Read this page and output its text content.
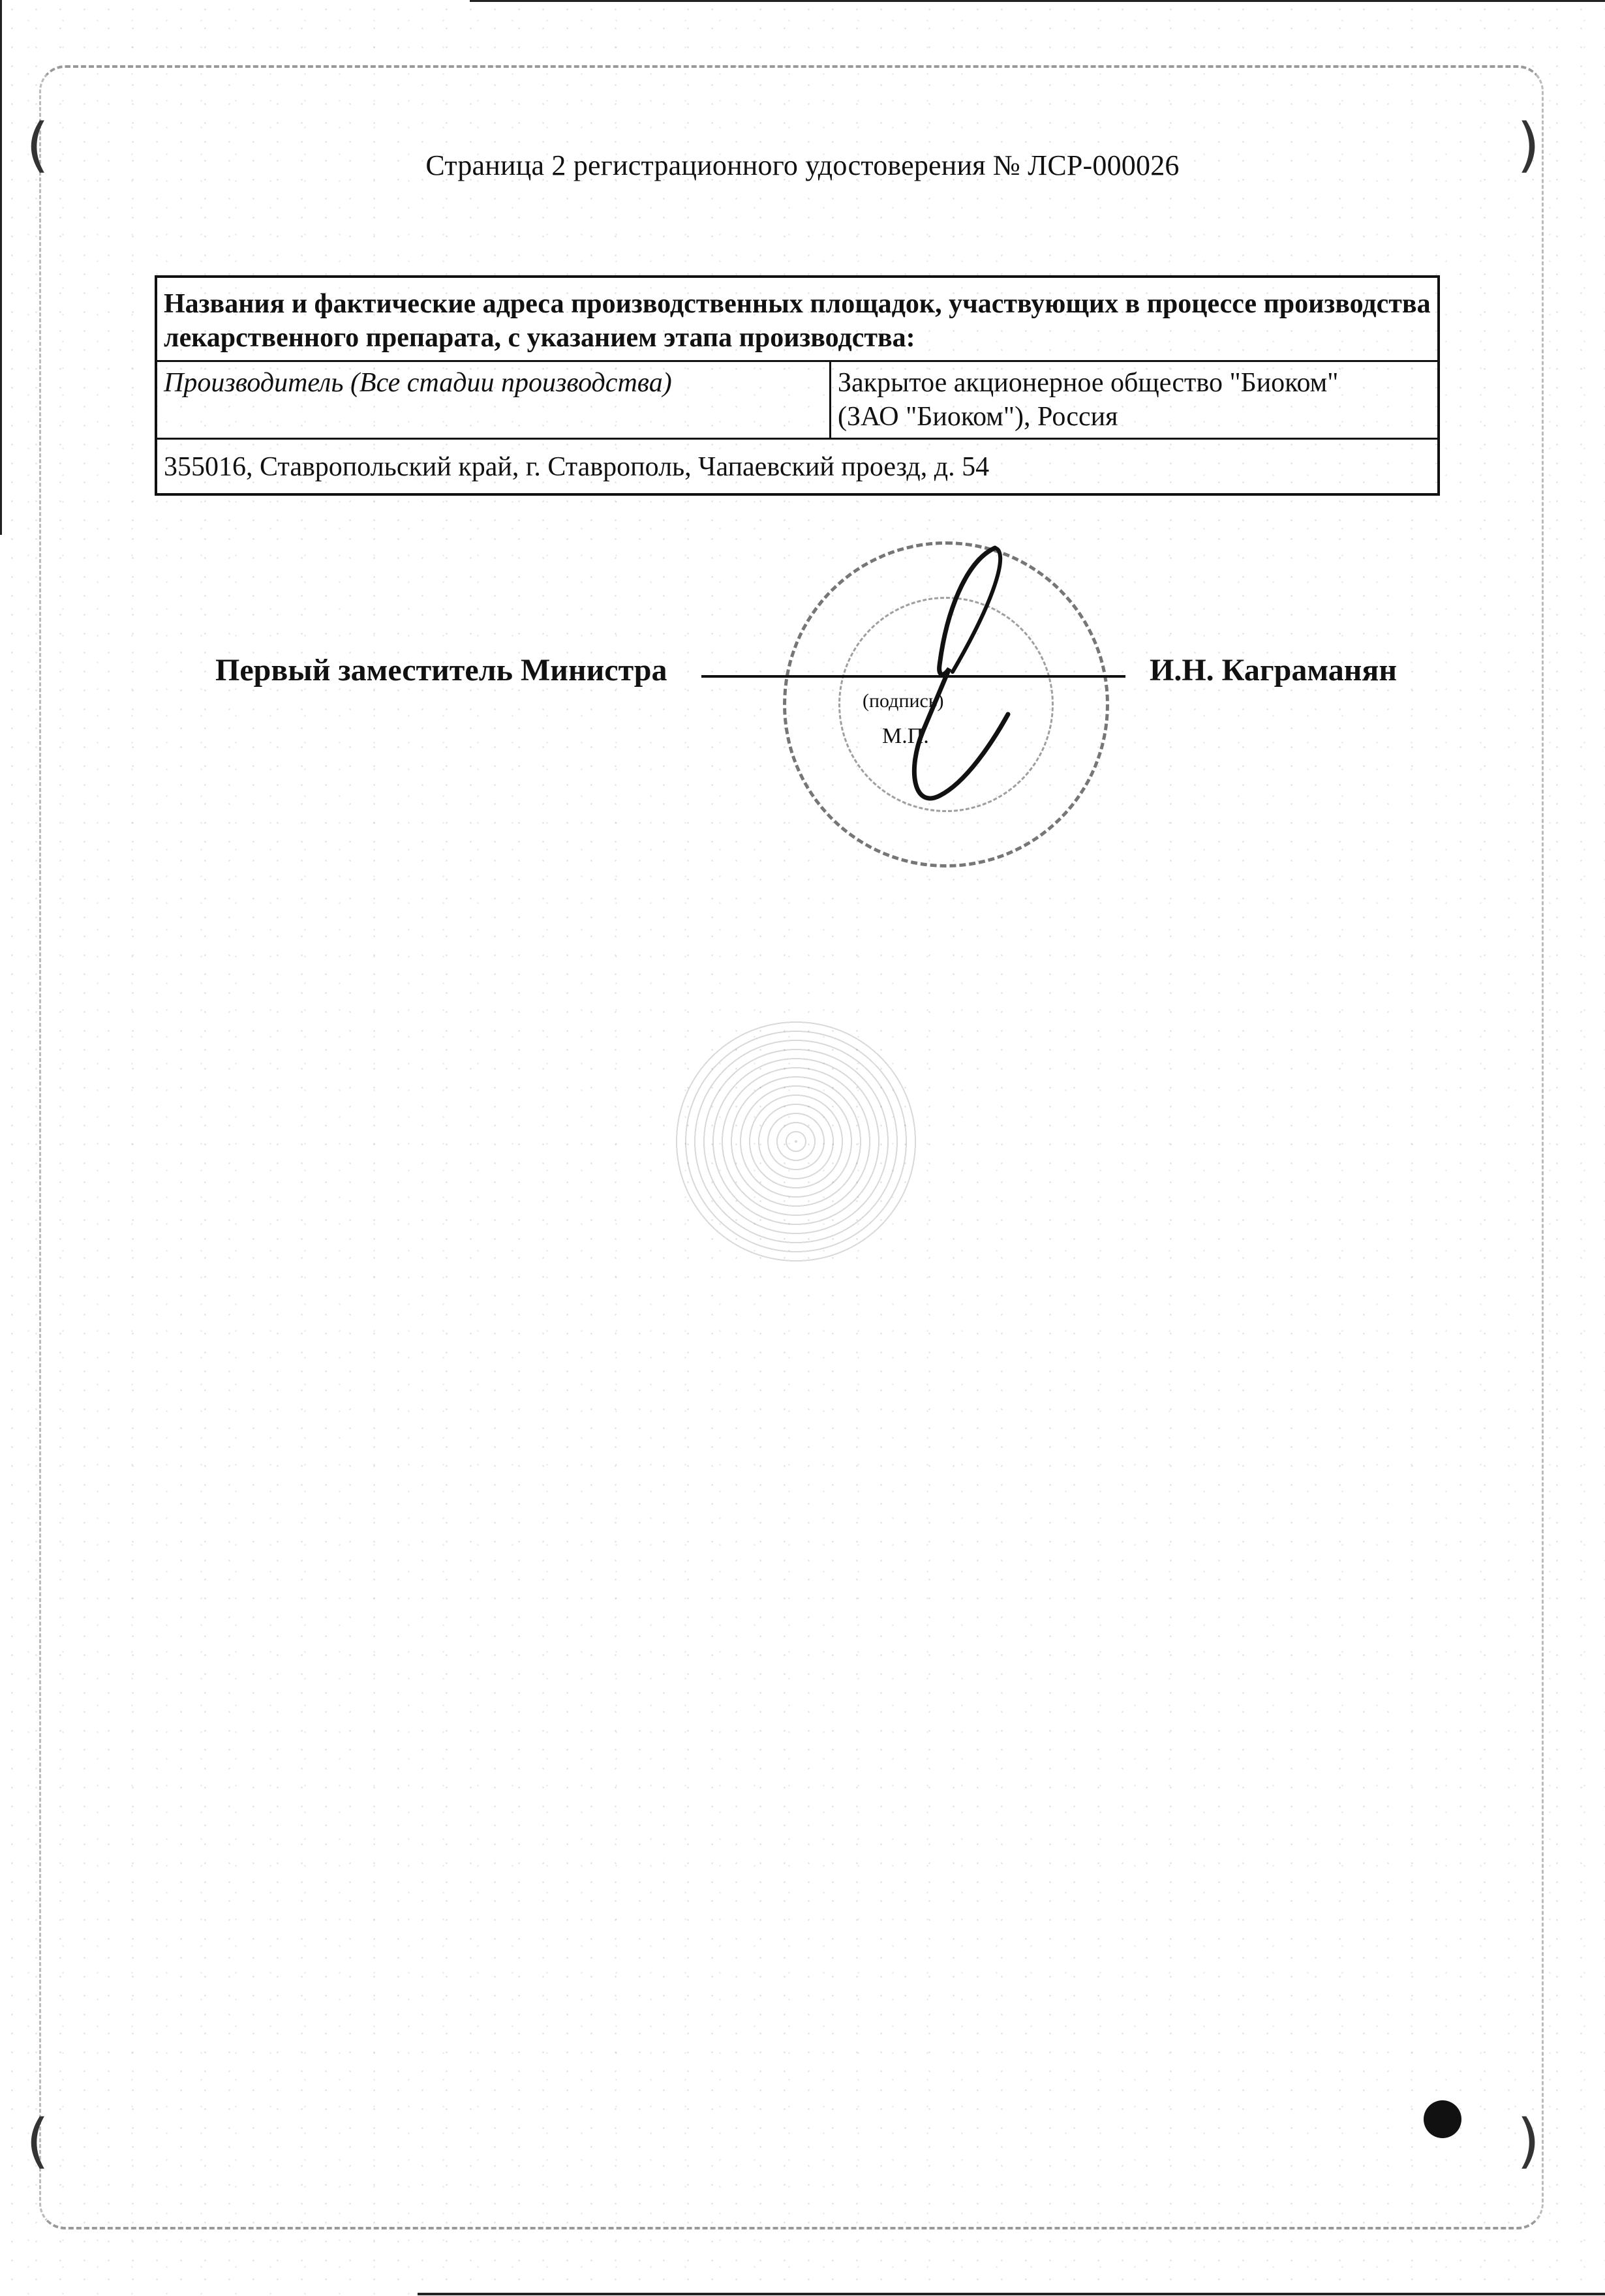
(	)
(	)
Страница 2 регистрационного удостоверения № ЛСР-000026
Названия и фактические адреса производственных площадок, участвующих в процессе производства лекарственного препарата, с указанием этапа производства:
Производитель (Все стадии производства)	Закрытое акционерное общество "Биоком"
(ЗАО "Биоком"), Россия

355016, Ставропольский край, г. Ставрополь, Чапаевский проезд, д. 54
Первый заместитель Министра
(подпись)
М.П.
И.Н. Каграманян
